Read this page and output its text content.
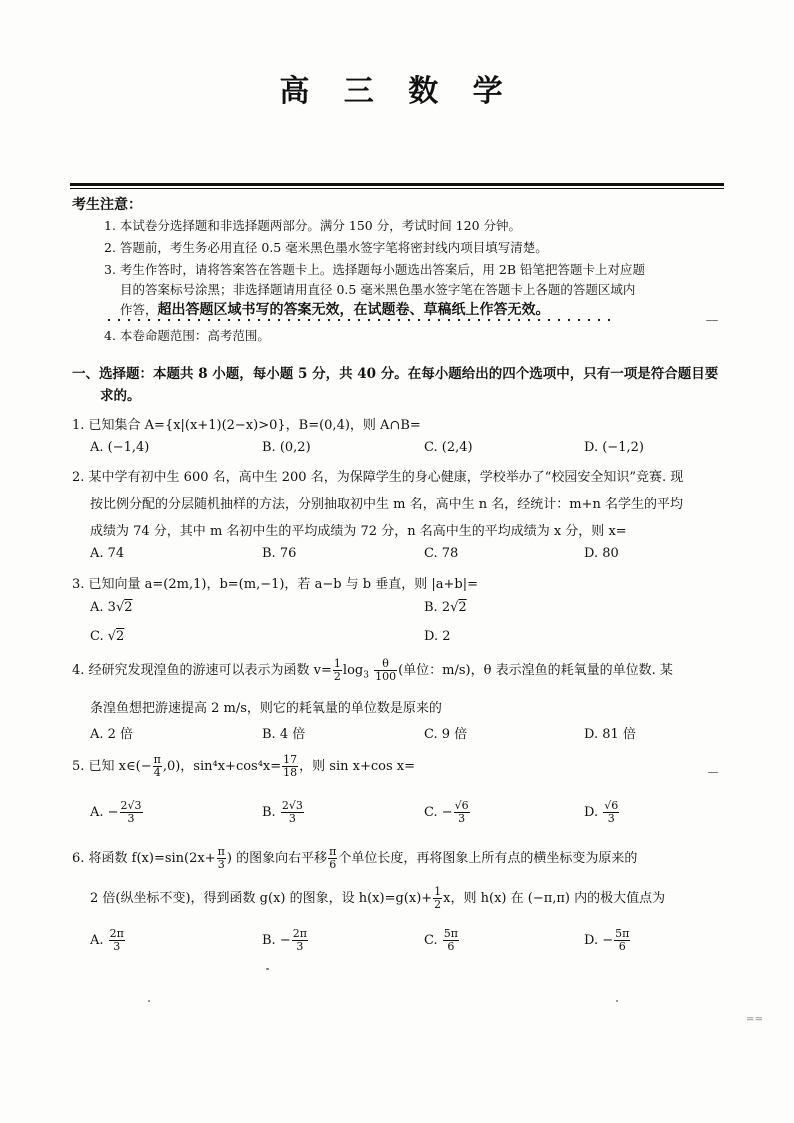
高 三 数 学
考生注意：
1. 本试卷分选择题和非选择题两部分。满分 150 分，考试时间 120 分钟。
2. 答题前，考生务必用直径 0.5 毫米黑色墨水签字笔将密封线内项目填写清楚。
3. 考生作答时，请将答案答在答题卡上。选择题每小题选出答案后，用 2B 铅笔把答题卡上对应题
目的答案标号涂黑；非选择题请用直径 0.5 毫米黑色墨水签字笔在答题卡上各题的答题区域内
作答，超出答题区域书写的答案无效，在试题卷、草稿纸上作答无效。
4. 本卷命题范围：高考范围。
一、选择题：本题共 8 小题，每小题 5 分，共 40 分。在每小题给出的四个选项中，只有一项是符合题目要
求的。
1. 已知集合 A={x|(x+1)(2−x)>0}，B=(0,4)，则 A∩B=
A. (−1,4)	B. (0,2)	C. (2,4)	D. (−1,2)
2. 某中学有初中生 600 名，高中生 200 名，为保障学生的身心健康，学校举办了“校园安全知识”竞赛. 现
按比例分配的分层随机抽样的方法，分别抽取初中生 m 名，高中生 n 名，经统计：m+n 名学生的平均
成绩为 74 分，其中 m 名初中生的平均成绩为 72 分，n 名高中生的平均成绩为 x 分，则 x=
A. 74	B. 76	C. 78	D. 80
3. 已知向量 a=(2m,1)，b=(m,−1)，若 a−b 与 b 垂直，则 |a+b|=
A. 3√2	B. 2√2
C. √2	D. 2
4. 经研究发现湟鱼的游速可以表示为函数 $v= \frac{1}{2} \log_3 \frac{\theta}{100}$ (单位：m/s)，θ 表示湟鱼的耗氧量的单位数. 某
条湟鱼想把游速提高 2 m/s，则它的耗氧量的单位数是原来的
A. 2 倍	B. 4 倍	C. 9 倍	D. 81 倍
5. 已知 x∈(− $\frac{\pi}{4} ,0$)，$\sin^4x+\cos^4x= \frac{17}{18}$ ，则 sin x+cos x=
A. − $\frac{2√3}{3}$	B. $\frac{2√3}{3}$	C. − $\frac{√6}{3}$	D. $\frac{√6}{3}$
6. 将函数 $f(x)=\sin(2x+ \frac{\pi}{3}$ ) 的图象向右平移 $\frac{\pi}{6}$ 个单位长度，再将图象上所有点的横坐标变为原来的
2 倍(纵坐标不变)，得到函数 g(x) 的图象，设 $h(x)=g(x)+ \frac{1}{2}$ x，则 h(x) 在 (−π,π) 内的极大值点为
A. $\frac{2\pi}{3}$	B. − $\frac{2\pi}{3}$	C. $\frac{5\pi}{6}$	D. − $\frac{5\pi}{6}$
⁼⁼
